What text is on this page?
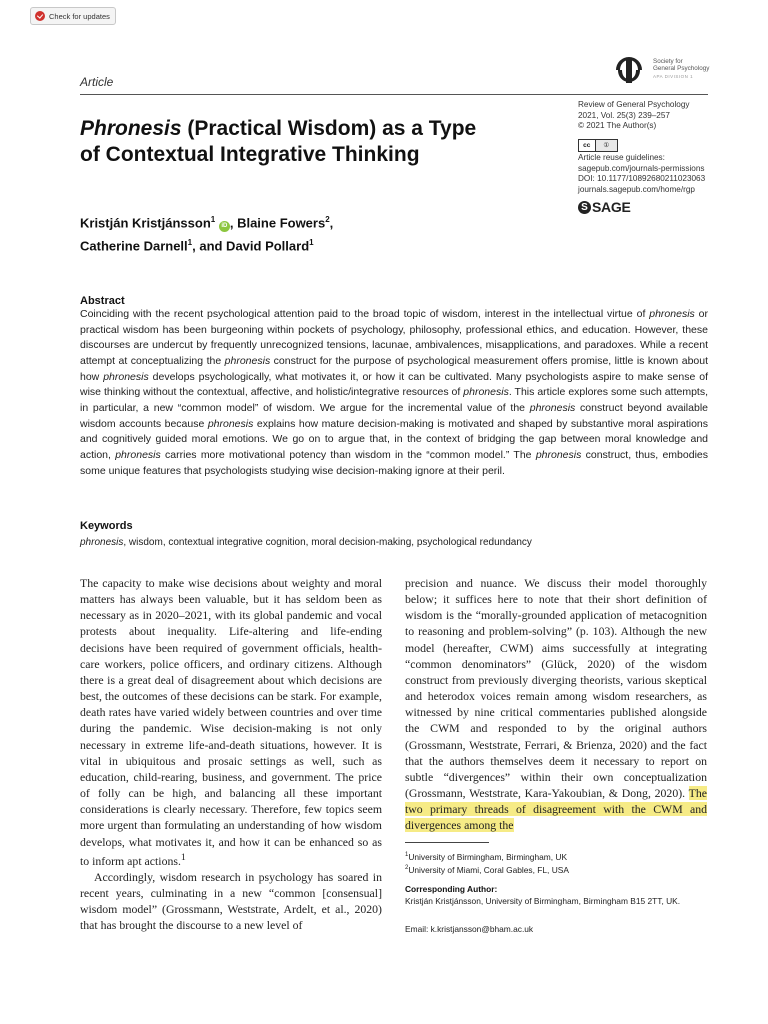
Check for updates
Article
Society for
General Psychology
APA DIVISION 1
Phronesis (Practical Wisdom) as a Type
of Contextual Integrative Thinking
Review of General Psychology
2021, Vol. 25(3) 239–257
© 2021 The Author(s)
cc	①
Article reuse guidelines:
sagepub.com/journals-permissions
DOI: 10.1177/10892680211023063
journals.sagepub.com/home/rgp
S SAGE
Kristján Kristjánsson$^1$ iD , Blaine Fowers$^2$,
Catherine Darnell$^1$, and David Pollard$^1$
Abstract

Coinciding with the recent psychological attention paid to the broad topic of wisdom, interest in the intellectual virtue of phronesis or practical wisdom has been burgeoning within pockets of psychology, philosophy, professional ethics, and education. However, these discourses are undercut by frequently unrecognized tensions, lacunae, ambivalences, misapplications, and paradoxes. While a recent attempt at conceptualizing the phronesis construct for the purpose of psychological measurement offers promise, little is known about how phronesis develops psychologically, what motivates it, or how it can be cultivated. Many psychologists aspire to make sense of wise thinking without the contextual, affective, and holistic/integrative resources of phronesis. This article explores some such attempts, in particular, a new “common model” of wisdom. We argue for the incremental value of the phronesis construct beyond available wisdom accounts because phronesis explains how mature decision-making is motivated and shaped by substantive moral aspirations and cognitively guided moral emotions. We go on to argue that, in the context of bridging the gap between moral knowledge and action, phronesis carries more motivational potency than wisdom in the “common model.” The phronesis construct, thus, embodies some unique features that psychologists studying wise decision-making ignore at their peril.

Keywords
phronesis, wisdom, contextual integrative cognition, moral decision-making, psychological redundancy

The capacity to make wise decisions about weighty and moral matters has always been valuable, but it has seldom been as necessary as in 2020–2021, with its global pandemic and vocal protests about inequality. Life-altering and life-ending decisions have been required of government officials, health-care workers, police officers, and ordinary citizens. Although there is a great deal of disagreement about which decisions are best, the outcomes of these decisions can be stark. For example, death rates have varied widely between countries and over time during the pandemic. Wise decision-making is not only necessary in extreme life-and-death situations, however. It is vital in ubiquitous and prosaic settings as well, such as education, child-rearing, business, and government. The price of folly can be high, and balancing all these important considerations is clearly necessary. Therefore, few topics seem more urgent than formulating an understanding of how wisdom develops, what motivates it, and how it can be enhanced so as to inform apt actions.$^1$

Accordingly, wisdom research in psychology has soared in recent years, culminating in a new “common [consensual] wisdom model” (Grossmann, Weststrate, Ardelt, et al., 2020) that has brought the discourse to a new level of

precision and nuance. We discuss their model thoroughly below; it suffices here to note that their short definition of wisdom is the “morally-grounded application of metacognition to reasoning and problem-solving” (p. 103). Although the new model (hereafter, CWM) aims successfully at integrating “common denominators” (Glück, 2020) of the wisdom construct from previously diverging theorists, various skeptical and heterodox voices remain among wisdom researchers, as witnessed by nine critical commentaries published alongside the CWM and responded to by the original authors (Grossmann, Weststrate, Ferrari, & Brienza, 2020) and the fact that the authors themselves deem it necessary to report on subtle “divergences” within their own conceptualization (Grossmann, Weststrate, Kara-Yakoubian, & Dong, 2020). The two primary threads of disagreement with the CWM and divergences among the

$^1$University of Birmingham, Birmingham, UK
$^2$University of Miami, Coral Gables, FL, USA
Corresponding Author:
Kristján Kristjánsson, University of Birmingham, Birmingham B15 2TT, UK.
Email: k.kristjansson@bham.ac.uk
